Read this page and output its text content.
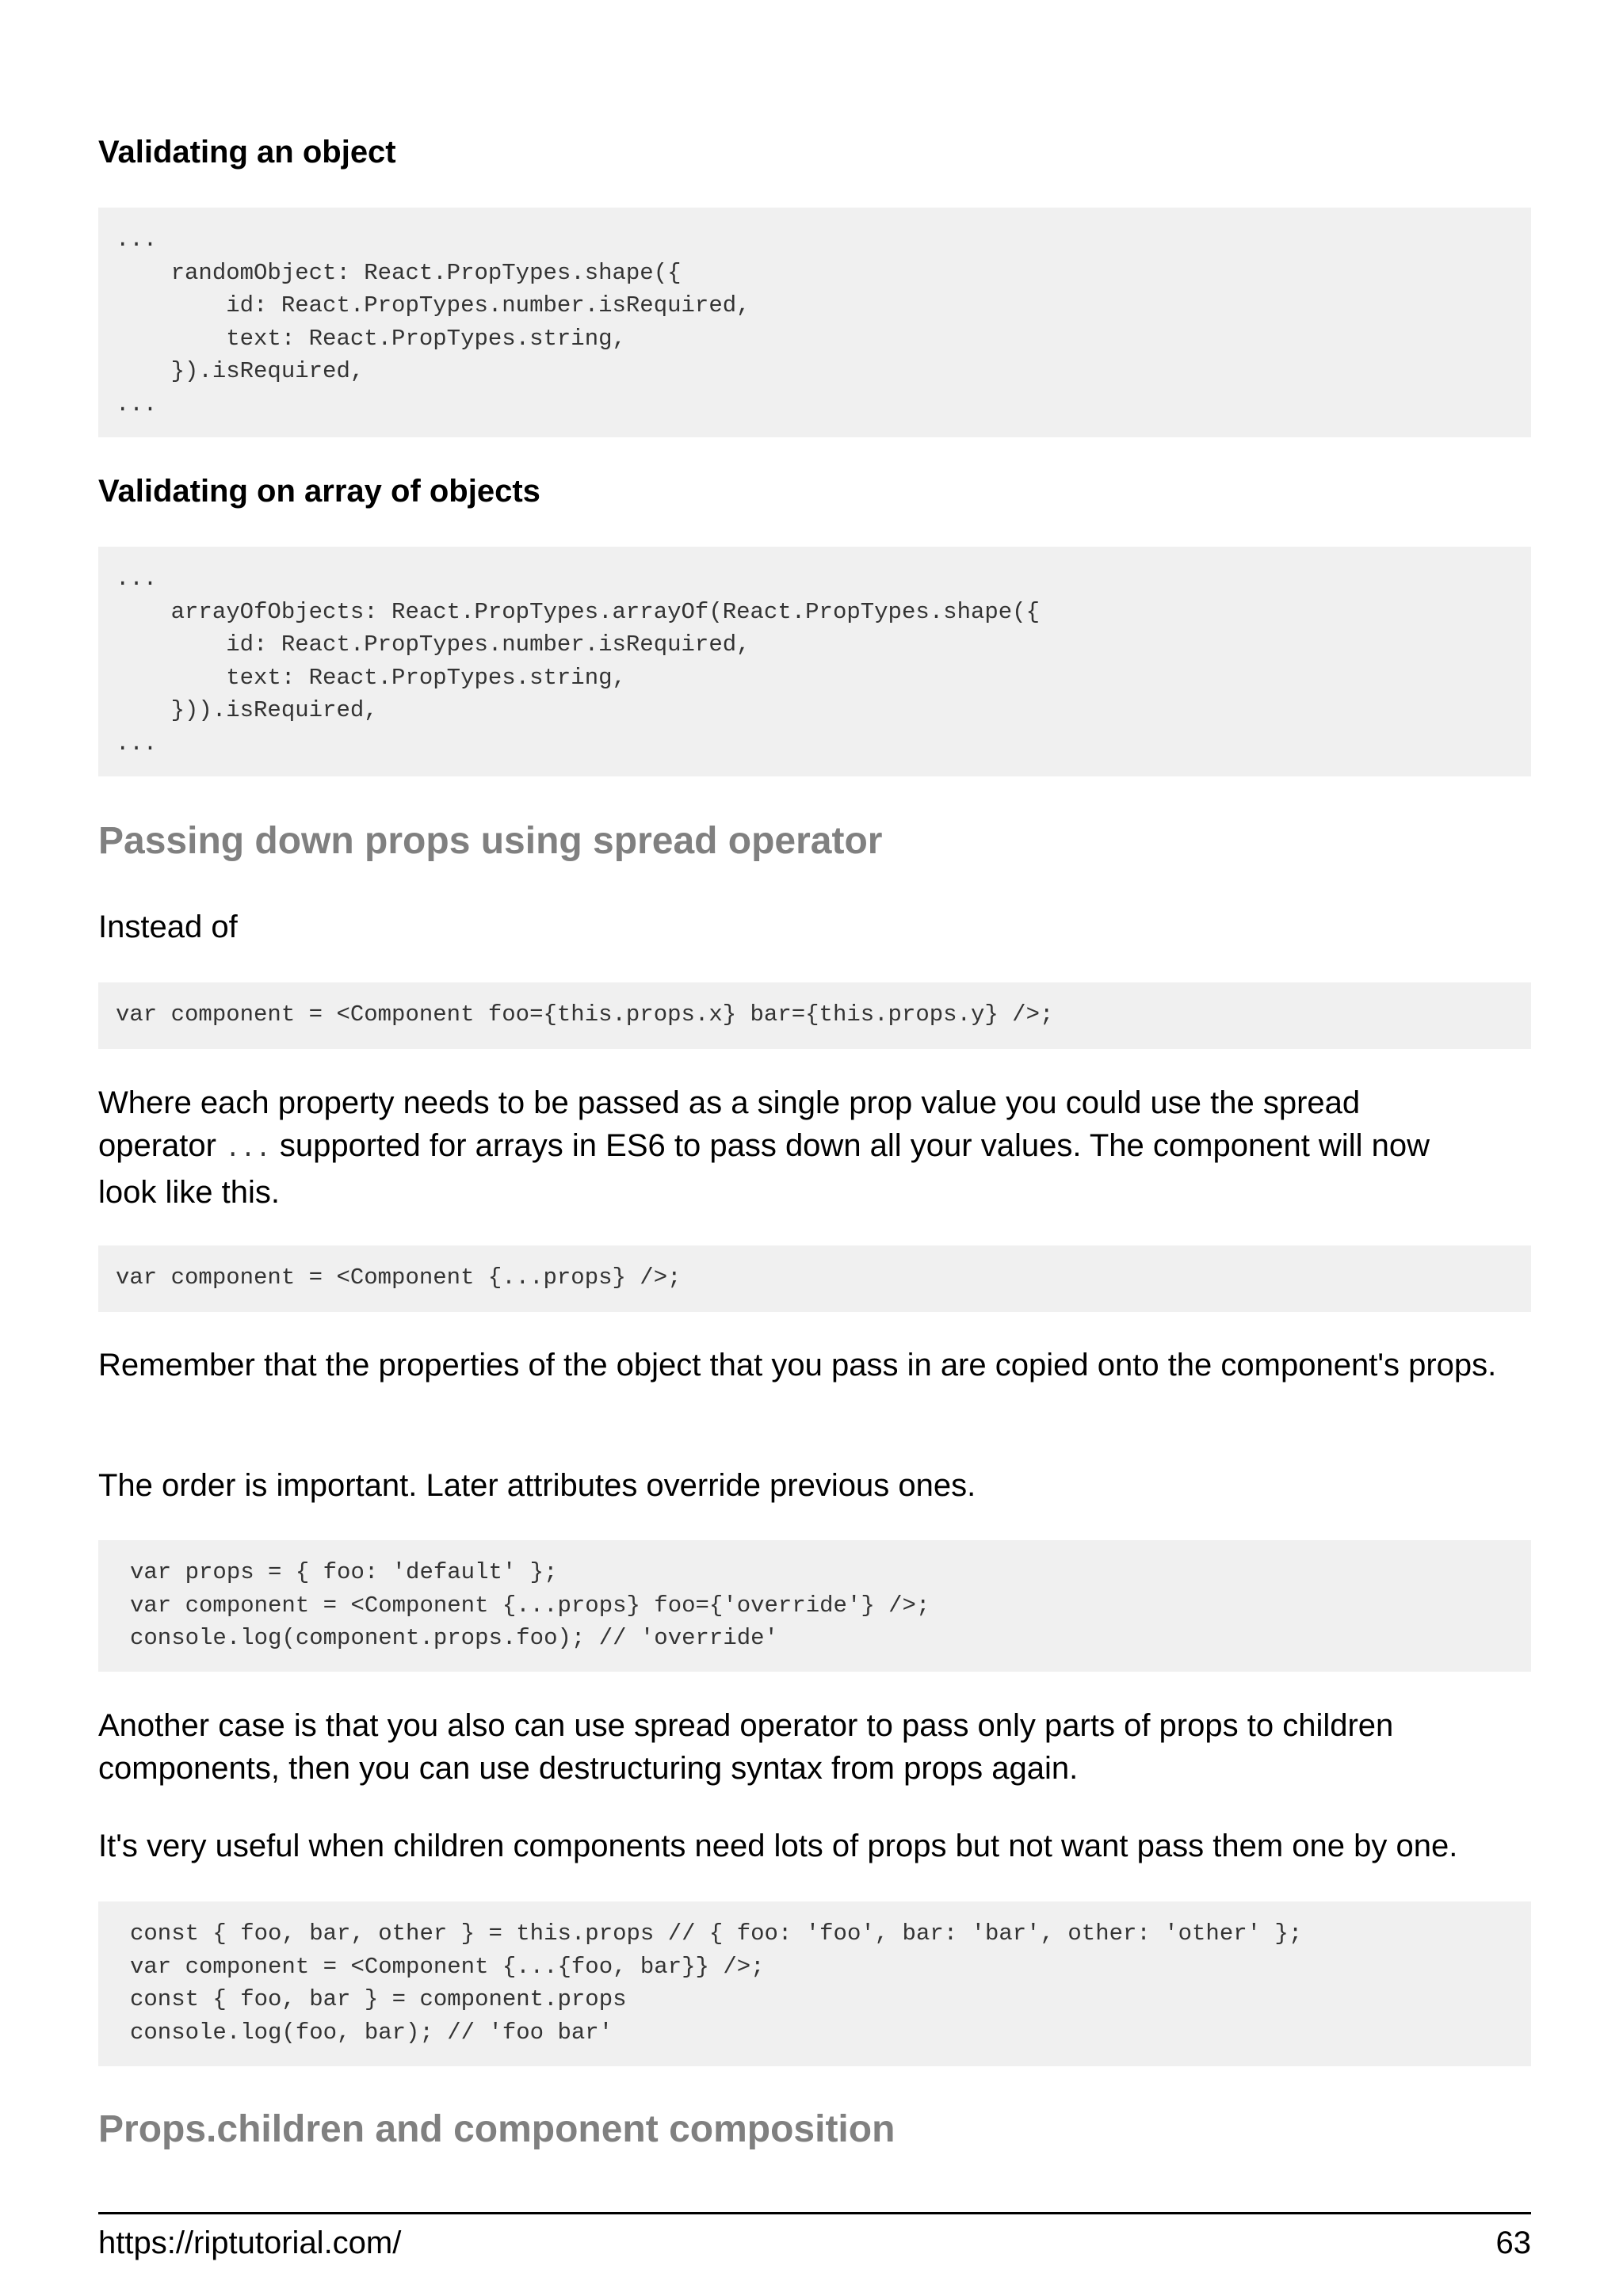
Validating an object
...
randomObject: React.PropTypes.shape({
id: React.PropTypes.number.isRequired,
text: React.PropTypes.string,
}).isRequired,
...
Validating on array of objects
...
arrayOfObjects: React.PropTypes.arrayOf(React.PropTypes.shape({
id: React.PropTypes.number.isRequired,
text: React.PropTypes.string,
})).isRequired,
...
Passing down props using spread operator

Instead of

var component = <Component foo={this.props.x} bar={this.props.y} />;

Where each property needs to be passed as a single prop value you could use the spread

operator ... supported for arrays in ES6 to pass down all your values. The component will now

look like this.

var component = <Component {...props} />;

Remember that the properties of the object that you pass in are copied onto the component's props.

The order is important. Later attributes override previous ones.

var props = { foo: 'default' };
var component = <Component {...props} foo={'override'} />;
console.log(component.props.foo); // 'override'

Another case is that you also can use spread operator to pass only parts of props to children components, then you can use destructuring syntax from props again.

It's very useful when children components need lots of props but not want pass them one by one.

const { foo, bar, other } = this.props // { foo: 'foo', bar: 'bar', other: 'other' };
var component = <Component {...{foo, bar}} />;
const { foo, bar } = component.props
console.log(foo, bar); // 'foo bar'
Props.children and component composition
https://riptutorial.com/	63
